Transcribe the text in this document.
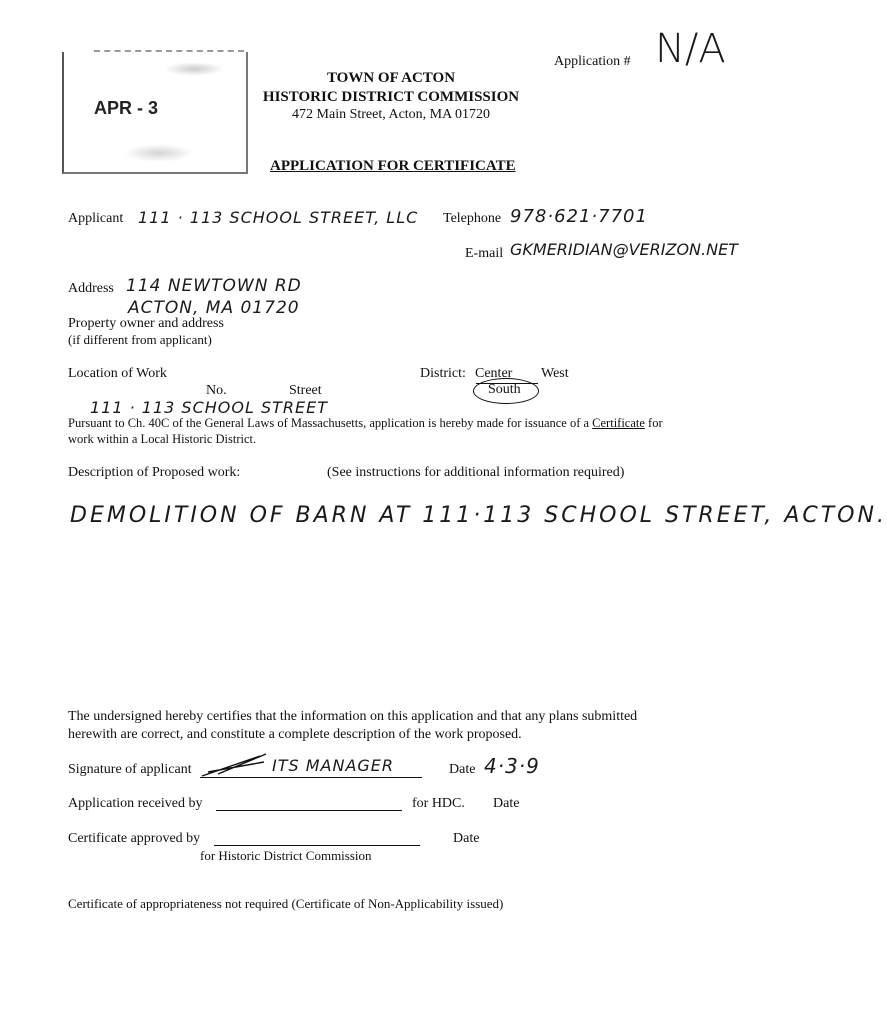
APR - 3
Application # N/A
TOWN OF ACTON
HISTORIC DISTRICT COMMISSION
472 Main Street, Acton, MA 01720
APPLICATION FOR CERTIFICATE
Applicant 111 · 113 SCHOOL STREET, LLC Telephone 978·621·7701
E-mail GKMERIDIAN@VERIZON.NET
Address 114 NEWTOWN RD
ACTON, MA 01720
Property owner and address
(if different from applicant)
Location of Work
No.	Street
111 · 113 SCHOOL STREET
District: Center West
South
Pursuant to Ch. 40C of the General Laws of Massachusetts, application is hereby made for issuance of a Certificate for
work within a Local Historic District.
Description of Proposed work:	(See instructions for additional information required)
DEMOLITION OF BARN AT 111·113 SCHOOL STREET, ACTON.
The undersigned hereby certifies that the information on this application and that any plans submitted
herewith are correct, and constitute a complete description of the work proposed.
Signature of applicant	ITS MANAGER	Date 4·3·9
Application received by	for HDC. Date
Certificate approved by
for Historic District Commission
Date
Certificate of appropriateness not required (Certificate of Non-Applicability issued)
